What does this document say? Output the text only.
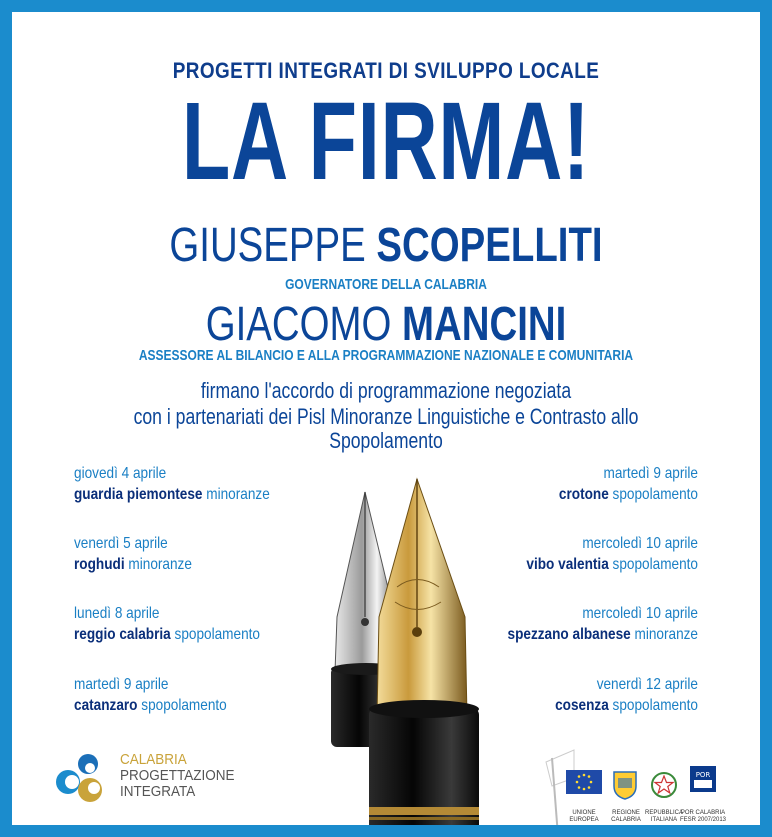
PROGETTI INTEGRATI DI SVILUPPO LOCALE
LA FIRMA!
GIUSEPPE SCOPELLITI
GOVERNATORE DELLA CALABRIA
GIACOMO MANCINI
ASSESSORE AL BILANCIO E ALLA PROGRAMMAZIONE NAZIONALE E COMUNITARIA
firmano l'accordo di programmazione negoziata
con i partenariati dei Pisl Minoranze Linguistiche e Contrasto allo Spopolamento
giovedì 4 aprile
guardia piemontese minoranze
venerdì 5 aprile
roghudi minoranze
lunedì 8 aprile
reggio calabria spopolamento
martedì 9 aprile
catanzaro spopolamento
martedì 9 aprile
crotone spopolamento
mercoledì 10 aprile
vibo valentia spopolamento
mercoledì 10 aprile
spezzano albanese minoranze
venerdì 12 aprile
cosenza spopolamento
CALABRIA
PROGETTAZIONE
INTEGRATA
UNIONE EUROPEA
REGIONE CALABRIA
REPUBBLICA ITALIANA
POR
POR CALABRIA FESR 2007/2013
